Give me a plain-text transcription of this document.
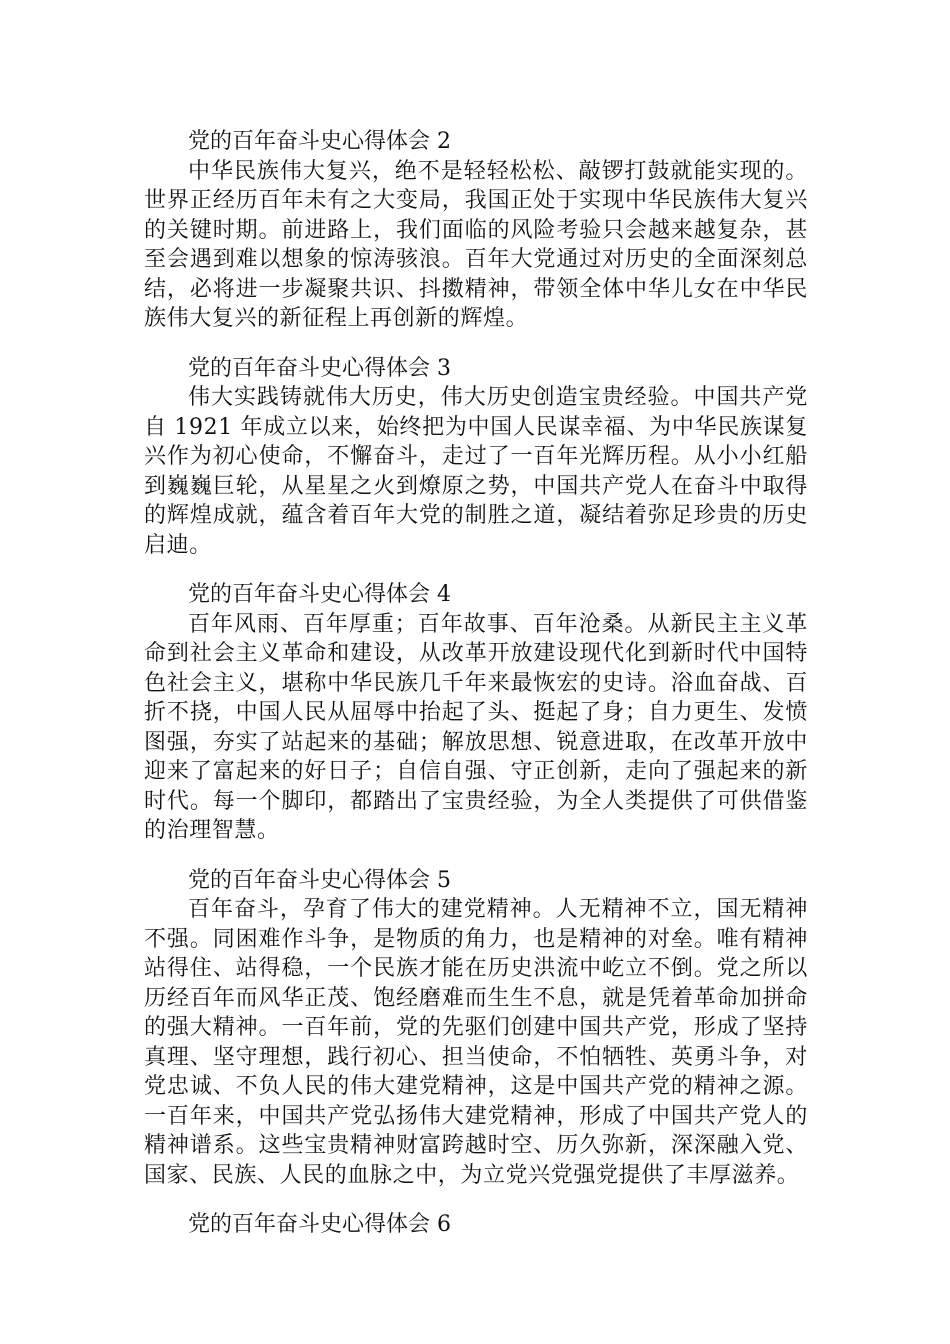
党的百年奋斗史心得体会 2

中华民族伟大复兴，绝不是轻轻松松、敲锣打鼓就能实现的。世界正经历百年未有之大变局，我国正处于实现中华民族伟大复兴的关键时期。前进路上，我们面临的风险考验只会越来越复杂，甚至会遇到难以想象的惊涛骇浪。百年大党通过对历史的全面深刻总结，必将进一步凝聚共识、抖擞精神，带领全体中华儿女在中华民族伟大复兴的新征程上再创新的辉煌。

党的百年奋斗史心得体会 3

伟大实践铸就伟大历史，伟大历史创造宝贵经验。中国共产党自 1921 年成立以来，始终把为中国人民谋幸福、为中华民族谋复兴作为初心使命，不懈奋斗，走过了一百年光辉历程。从小小红船到巍巍巨轮，从星星之火到燎原之势，中国共产党人在奋斗中取得的辉煌成就，蕴含着百年大党的制胜之道，凝结着弥足珍贵的历史启迪。

党的百年奋斗史心得体会 4

百年风雨、百年厚重；百年故事、百年沧桑。从新民主主义革命到社会主义革命和建设，从改革开放建设现代化到新时代中国特色社会主义，堪称中华民族几千年来最恢宏的史诗。浴血奋战、百折不挠，中国人民从屈辱中抬起了头、挺起了身；自力更生、发愤图强，夯实了站起来的基础；解放思想、锐意进取，在改革开放中迎来了富起来的好日子；自信自强、守正创新，走向了强起来的新时代。每一个脚印，都踏出了宝贵经验，为全人类提供了可供借鉴的治理智慧。

党的百年奋斗史心得体会 5

百年奋斗，孕育了伟大的建党精神。人无精神不立，国无精神不强。同困难作斗争，是物质的角力，也是精神的对垒。唯有精神站得住、站得稳，一个民族才能在历史洪流中屹立不倒。党之所以历经百年而风华正茂、饱经磨难而生生不息，就是凭着革命加拼命的强大精神。一百年前，党的先驱们创建中国共产党，形成了坚持真理、坚守理想，践行初心、担当使命，不怕牺牲、英勇斗争，对党忠诚、不负人民的伟大建党精神，这是中国共产党的精神之源。一百年来，中国共产党弘扬伟大建党精神，形成了中国共产党人的精神谱系。这些宝贵精神财富跨越时空、历久弥新，深深融入党、国家、民族、人民的血脉之中，为立党兴党强党提供了丰厚滋养。

党的百年奋斗史心得体会 6
